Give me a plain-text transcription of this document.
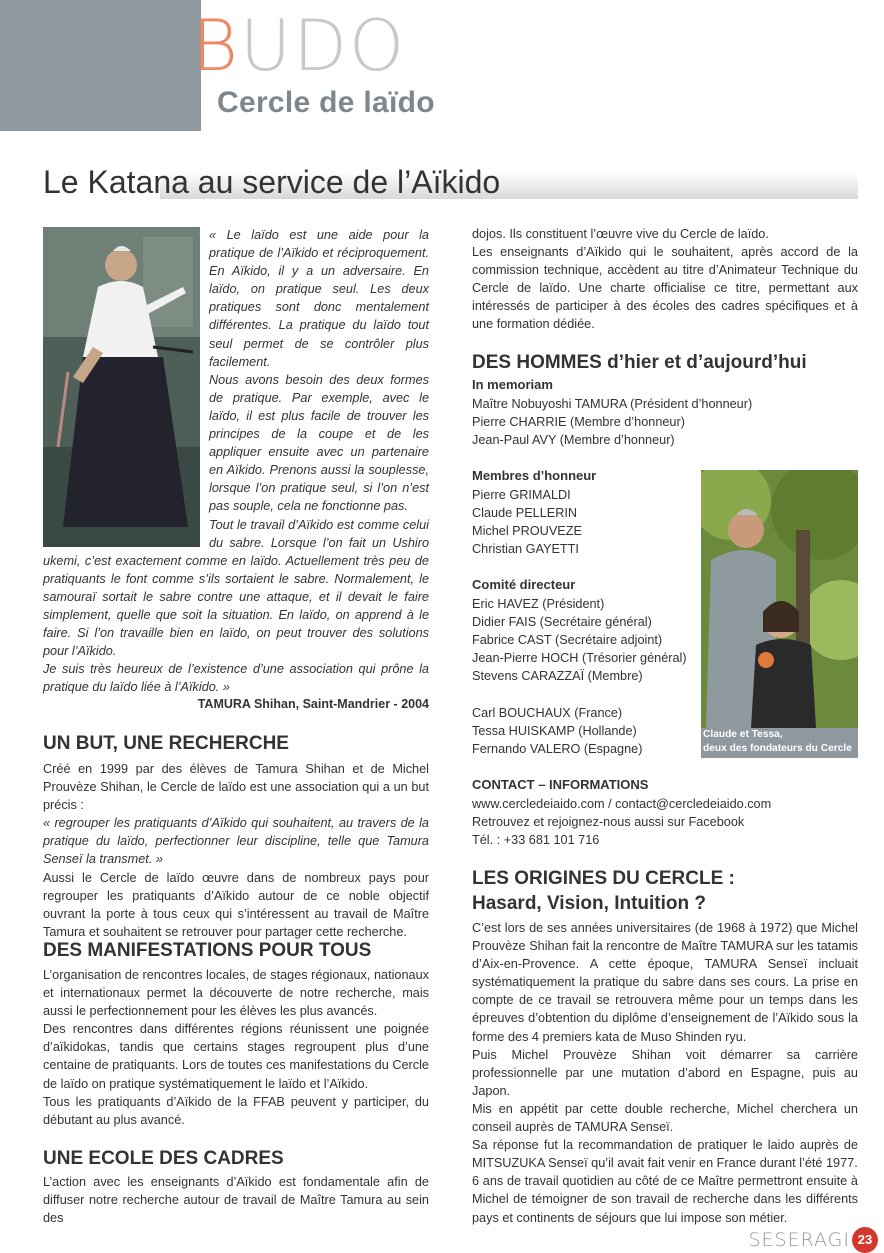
BUDO
Cercle de laïdo
Le Katana au service de l’Aïkido

« Le laïdo est une aide pour la pratique de l’Aïkido et réciproquement. En Aïkido, il y a un adversaire. En laïdo, on pratique seul. Les deux pratiques sont donc mentalement différentes. La pratique du laïdo tout seul permet de se contrôler plus facilement.

Nous avons besoin des deux formes de pratique. Par exemple, avec le laïdo, il est plus facile de trouver les principes de la coupe et de les appliquer ensuite avec un partenaire en Aïkido. Prenons aussi la souplesse, lorsque l’on pratique seul, si l’on n’est pas souple, cela ne fonctionne pas.

Tout le travail d’Aïkido est comme celui du sabre. Lorsque l’on fait un Ushiro ukemi, c’est exactement comme en laïdo. Actuellement très peu de pratiquants le font comme s’ils sortaient le sabre. Normalement, le samouraï sortait le sabre contre une attaque, et il devait le faire simplement, quelle que soit la situation. En laïdo, on apprend à le faire. Si l’on travaille bien en laïdo, on peut trouver des solutions pour l’Aïkido.

Je suis très heureux de l’existence d’une association qui prône la pratique du laïdo liée à l’Aïkido. »

TAMURA Shihan, Saint-Mandrier - 2004
UN BUT, UNE RECHERCHE

Créé en 1999 par des élèves de Tamura Shihan et de Michel Prouvèze Shihan, le Cercle de laïdo est une association qui a un but précis :

« regrouper les pratiquants d’Aïkido qui souhaitent, au travers de la pratique du laïdo, perfectionner leur discipline, telle que Tamura Senseï la transmet. »

Aussi le Cercle de laïdo œuvre dans de nombreux pays pour regrouper les pratiquants d’Aïkido autour de ce noble objectif ouvrant la porte à tous ceux qui s’intéressent au travail de Maître Tamura et souhaitent se retrouver pour partager cette recherche.

DES MANIFESTATIONS POUR TOUS

L’organisation de rencontres locales, de stages régionaux, nationaux et internationaux permet la découverte de notre recherche, mais aussi le perfectionnement pour les élèves les plus avancés.

Des rencontres dans différentes régions réunissent une poignée d’aïkidokas, tandis que certains stages regroupent plus d’une centaine de pratiquants. Lors de toutes ces manifestations du Cercle de laïdo on pratique systématiquement le laïdo et l’Aïkido.

Tous les pratiquants d’Aïkido de la FFAB peuvent y participer, du débutant au plus avancé.

UNE ECOLE DES CADRES

L’action avec les enseignants d’Aïkido est fondamentale afin de diffuser notre recherche autour de travail de Maître Tamura au sein des

dojos. Ils constituent l’œuvre vive du Cercle de laïdo.

Les enseignants d’Aïkido qui le souhaitent, après accord de la commission technique, accèdent au titre d’Animateur Technique du Cercle de laïdo. Une charte officialise ce titre, permettant aux intéressés de participer à des écoles des cadres spécifiques et à une formation dédiée.

DES HOMMES d’hier et d’aujourd’hui
In memoriam
Maître Nobuyoshi TAMURA (Président d’honneur)
Pierre CHARRIE (Membre d’honneur)
Jean-Paul AVY (Membre d’honneur)
Membres d’honneur
Pierre GRIMALDI
Claude PELLERIN
Michel PROUVEZE
Christian GAYETTI
Comité directeur
Eric HAVEZ (Président)
Didier FAIS (Secrétaire général)
Fabrice CAST (Secrétaire adjoint)
Jean-Pierre HOCH (Trésorier général)
Stevens CARAZZAÏ (Membre)
Carl BOUCHAUX (France)
Tessa HUISKAMP (Hollande)
Fernando VALERO (Espagne)
Claude et Tessa,
deux des fondateurs du Cercle
CONTACT – INFORMATIONS
www.cercledeiaido.com / contact@cercledeiaido.com
Retrouvez et rejoignez-nous aussi sur Facebook
Tél. : +33 681 101 716
LES ORIGINES DU CERCLE :
Hasard, Vision, Intuition ?

C’est lors de ses années universitaires (de 1968 à 1972) que Michel Prouvèze Shihan fait la rencontre de Maître TAMURA sur les tatamis d’Aix-en-Provence. A cette époque, TAMURA Senseï incluait systématiquement la pratique du sabre dans ses cours. La prise en compte de ce travail se retrouvera même pour un temps dans les épreuves d’obtention du diplôme d’enseignement de l’Aïkido sous la forme des 4 premiers kata de Muso Shinden ryu.

Puis Michel Prouvèze Shihan voit démarrer sa carrière professionnelle par une mutation d’abord en Espagne, puis au Japon.

Mis en appétit par cette double recherche, Michel cherchera un conseil auprès de TAMURA Senseï.

Sa réponse fut la recommandation de pratiquer le laido auprès de MITSUZUKA Senseï qu’il avait fait venir en France durant l’été 1977.

6 ans de travail quotidien au côté de ce Maître permettront ensuite à Michel de témoigner de son travail de recherche dans les différents pays et continents de séjours que lui impose son métier.

SESERAGI 23
